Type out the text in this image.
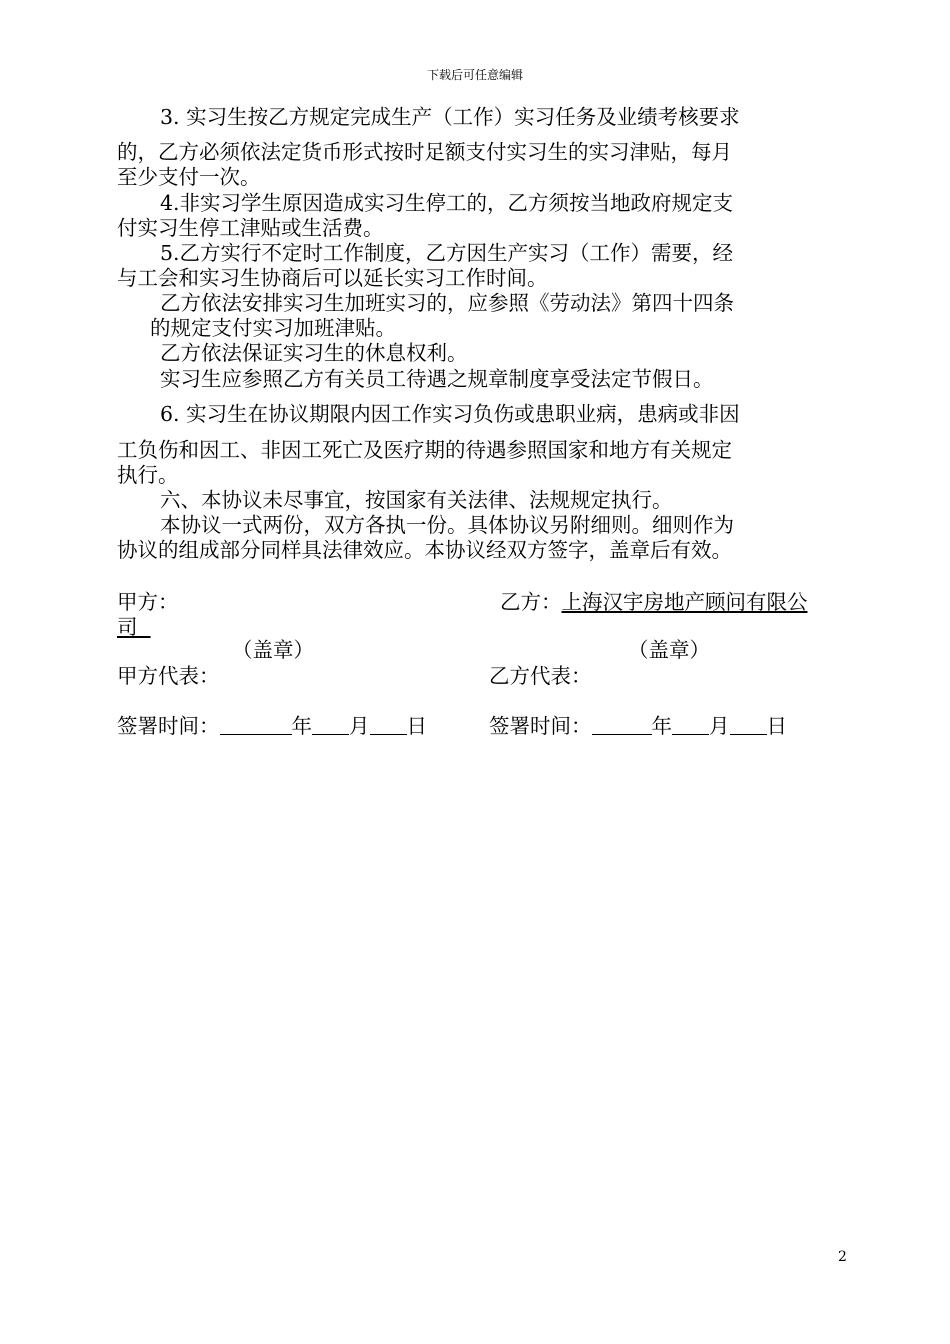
下载后可任意编辑
3. 实习生按乙方规定完成生产（工作）实习任务及业绩考核要求
的，乙方必须依法定货币形式按时足额支付实习生的实习津贴，每月
至少支付一次。
4.非实习学生原因造成实习生停工的，乙方须按当地政府规定支
付实习生停工津贴或生活费。
5.乙方实行不定时工作制度，乙方因生产实习（工作）需要，经
与工会和实习生协商后可以延长实习工作时间。
乙方依法安排实习生加班实习的，应参照《劳动法》第四十四条
的规定支付实习加班津贴。
乙方依法保证实习生的休息权利。
实习生应参照乙方有关员工待遇之规章制度享受法定节假日。
6. 实习生在协议期限内因工作实习负伤或患职业病，患病或非因
工负伤和因工、非因工死亡及医疗期的待遇参照国家和地方有关规定
执行。
六、本协议未尽事宜，按国家有关法律、法规规定执行。
本协议一式两份，双方各执一份。具体协议另附细则。细则作为
协议的组成部分同样具法律效应。本协议经双方签字，盖章后有效。
甲方：	乙方：上海汉宇房地产顾问有限公
司
（盖章）	（盖章）
甲方代表：	乙方代表：
签署时间：	年 月 日	签署时间：	年 月 日
2
